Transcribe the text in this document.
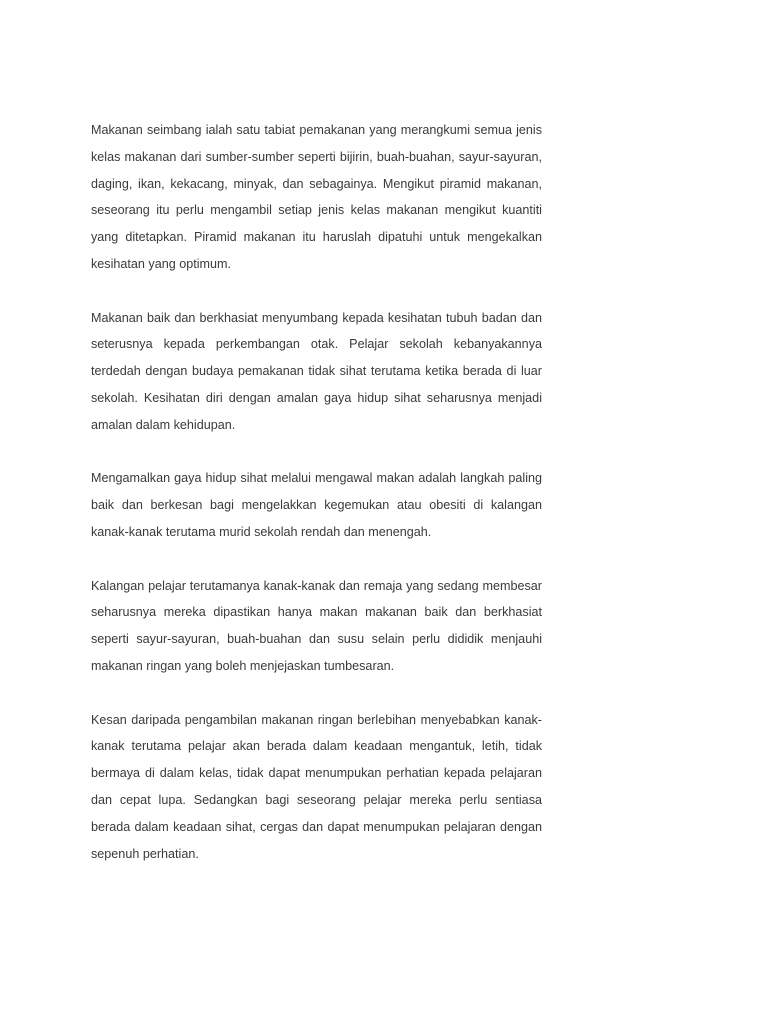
Makanan seimbang ialah satu tabiat pemakanan yang merangkumi semua jenis kelas makanan dari sumber-sumber seperti bijirin, buah-buahan, sayur-sayuran, daging, ikan, kekacang, minyak, dan sebagainya. Mengikut piramid makanan, seseorang itu perlu mengambil setiap jenis kelas makanan mengikut kuantiti yang ditetapkan. Piramid makanan itu haruslah dipatuhi untuk mengekalkan kesihatan yang optimum.

Makanan baik dan berkhasiat menyumbang kepada kesihatan tubuh badan dan seterusnya kepada perkembangan otak. Pelajar sekolah kebanyakannya terdedah dengan budaya pemakanan tidak sihat terutama ketika berada di luar sekolah. Kesihatan diri dengan amalan gaya hidup sihat seharusnya menjadi amalan dalam kehidupan.

Mengamalkan gaya hidup sihat melalui mengawal makan adalah langkah paling baik dan berkesan bagi mengelakkan kegemukan atau obesiti di kalangan kanak-kanak terutama murid sekolah rendah dan menengah.

Kalangan pelajar terutamanya kanak-kanak dan remaja yang sedang membesar seharusnya mereka dipastikan hanya makan makanan baik dan berkhasiat seperti sayur-sayuran, buah-buahan dan susu selain perlu dididik menjauhi makanan ringan yang boleh menjejaskan tumbesaran.

Kesan daripada pengambilan makanan ringan berlebihan menyebabkan kanak-kanak terutama pelajar akan berada dalam keadaan mengantuk, letih, tidak bermaya di dalam kelas, tidak dapat menumpukan perhatian kepada pelajaran dan cepat lupa. Sedangkan bagi seseorang pelajar mereka perlu sentiasa berada dalam keadaan sihat, cergas dan dapat menumpukan pelajaran dengan sepenuh perhatian.
